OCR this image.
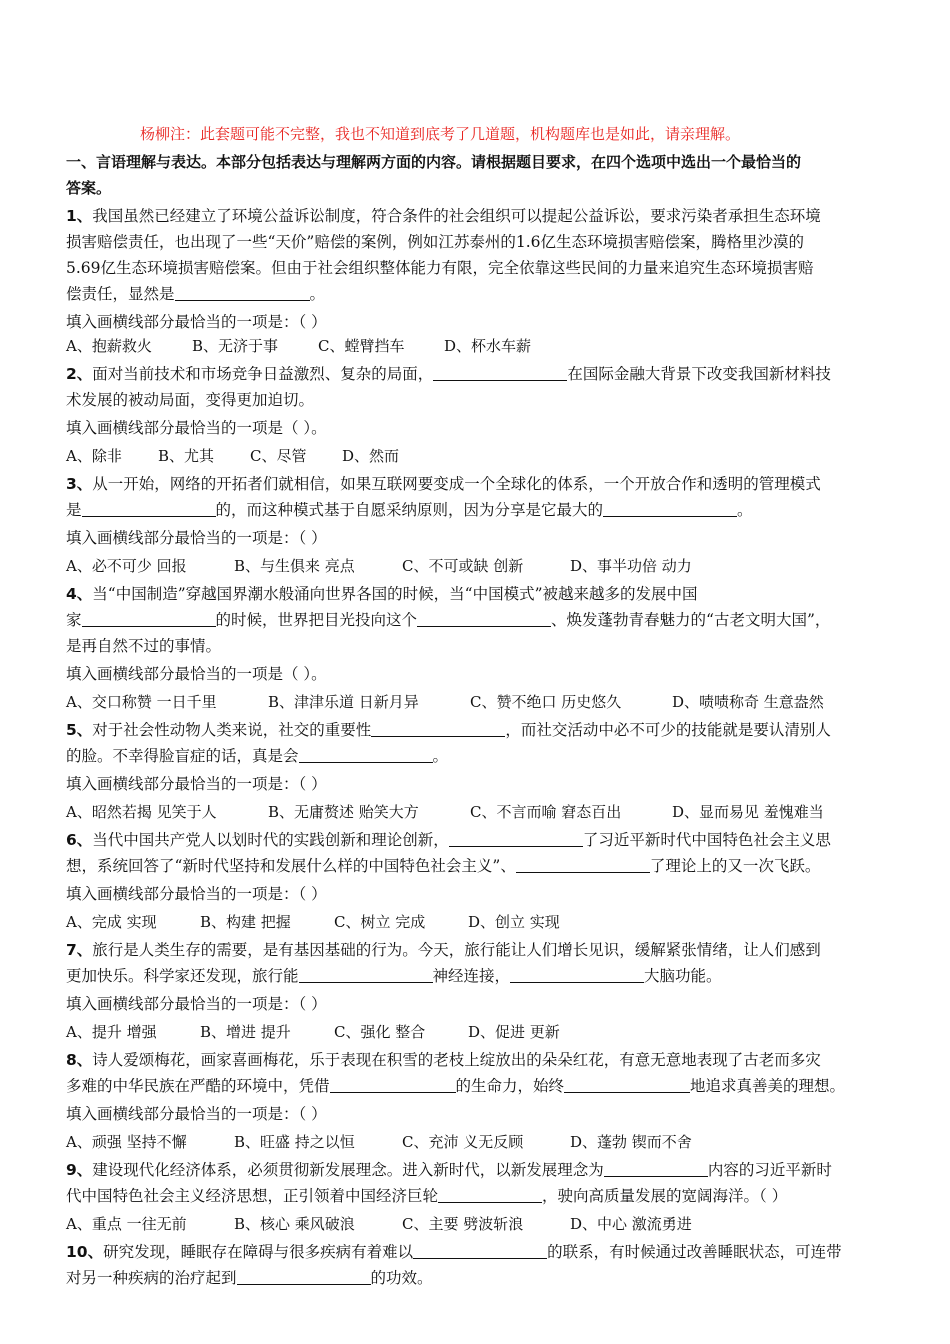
杨柳注：此套题可能不完整，我也不知道到底考了几道题，机构题库也是如此，请亲理解。
一、言语理解与表达。本部分包括表达与理解两方面的内容。请根据题目要求，在四个选项中选出一个最恰当的
答案。
1、我国虽然已经建立了环境公益诉讼制度，符合条件的社会组织可以提起公益诉讼，要求污染者承担生态环境
损害赔偿责任，也出现了一些“天价”赔偿的案例，例如江苏泰州的1.6亿生态环境损害赔偿案，腾格里沙漠的
5.69亿生态环境损害赔偿案。但由于社会组织整体能力有限，完全依靠这些民间的力量来追究生态环境损害赔
偿责任，显然是	。
填入画横线部分最恰当的一项是：（ ）
A、抱薪救火	B、无济于事	C、螳臂挡车	D、杯水车薪
2、面对当前技术和市场竞争日益激烈、复杂的局面，	在国际金融大背景下改变我国新材料技
术发展的被动局面，变得更加迫切。
填入画横线部分最恰当的一项是（ ）。
A、除非 B、尤其 C、尽管 D、然而
3、从一开始，网络的开拓者们就相信，如果互联网要变成一个全球化的体系，一个开放合作和透明的管理模式
是	的，而这种模式基于自愿采纳原则，因为分享是它最大的	。
填入画横线部分最恰当的一项是：（ ）
A、必不可少 回报	B、与生俱来 亮点	C、不可或缺 创新	D、事半功倍 动力
4、当“中国制造”穿越国界潮水般涌向世界各国的时候，当“中国模式”被越来越多的发展中国
家	的时候，世界把目光投向这个	、焕发蓬勃青春魅力的“古老文明大国”，
是再自然不过的事情。
填入画横线部分最恰当的一项是（ ）。
A、交口称赞 一日千里	B、津津乐道 日新月异	C、赞不绝口 历史悠久	D、啧啧称奇 生意盎然
5、对于社会性动物人类来说，社交的重要性	，而社交活动中必不可少的技能就是要认清别人
的脸。不幸得脸盲症的话，真是会	。
填入画横线部分最恰当的一项是：（ ）
A、昭然若揭 见笑于人	B、无庸赘述 贻笑大方	C、不言而喻 窘态百出	D、显而易见 羞愧难当
6、当代中国共产党人以划时代的实践创新和理论创新，	了习近平新时代中国特色社会主义思
想，系统回答了“新时代坚持和发展什么样的中国特色社会主义”、	了理论上的又一次飞跃。
填入画横线部分最恰当的一项是：（ ）
A、完成 实现	B、构建 把握	C、树立 完成	D、创立 实现
7、旅行是人类生存的需要，是有基因基础的行为。今天，旅行能让人们增长见识，缓解紧张情绪，让人们感到
更加快乐。科学家还发现，旅行能	神经连接，	大脑功能。
填入画横线部分最恰当的一项是：（ ）
A、提升 增强	B、增进 提升	C、强化 整合	D、促进 更新
8、诗人爱颂梅花，画家喜画梅花，乐于表现在积雪的老枝上绽放出的朵朵红花，有意无意地表现了古老而多灾
多难的中华民族在严酷的环境中，凭借	的生命力，始终	地追求真善美的理想。
填入画横线部分最恰当的一项是：（ ）
A、顽强 坚持不懈	B、旺盛 持之以恒	C、充沛 义无反顾	D、蓬勃 锲而不舍
9、建设现代化经济体系，必须贯彻新发展理念。进入新时代，以新发展理念为	内容的习近平新时
代中国特色社会主义经济思想，正引领着中国经济巨轮	，驶向高质量发展的宽阔海洋。（ ）
A、重点 一往无前	B、核心 乘风破浪	C、主要 劈波斩浪	D、中心 激流勇进
10、研究发现，睡眠存在障碍与很多疾病有着难以	的联系，有时候通过改善睡眠状态，可连带
对另一种疾病的治疗起到	的功效。
